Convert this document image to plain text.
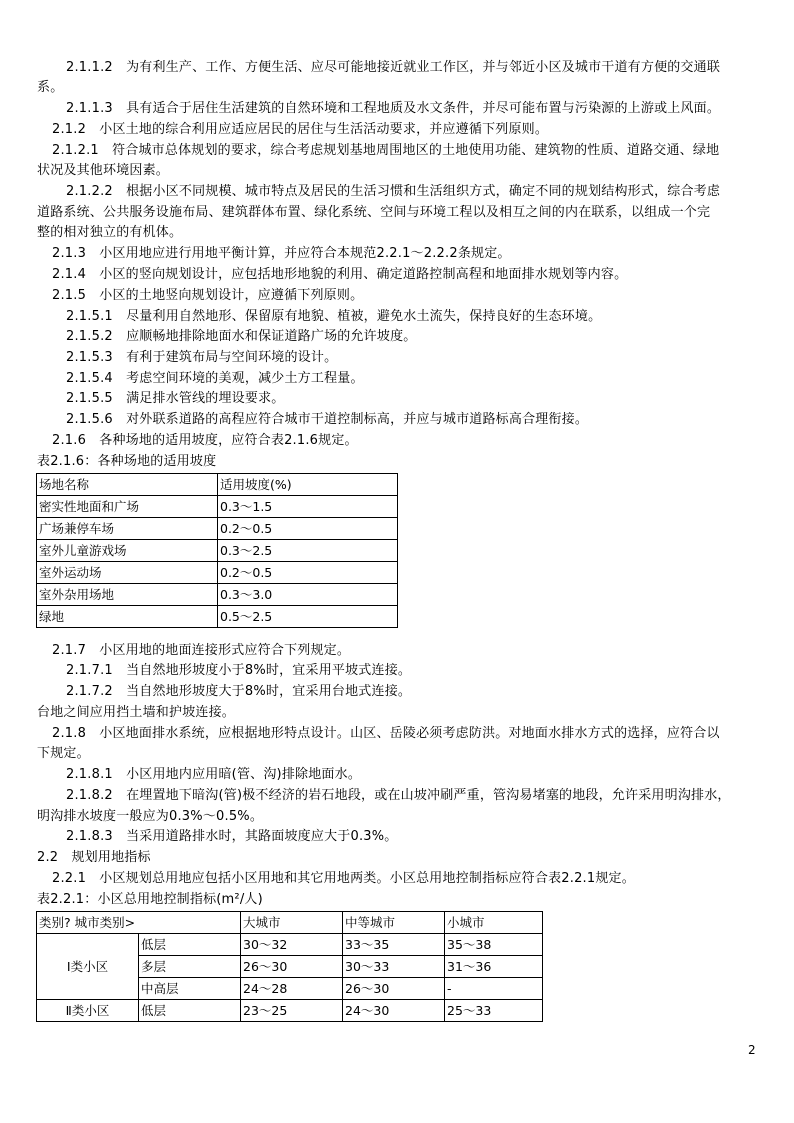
2.1.1.2　为有利生产、工作、方便生活、应尽可能地接近就业工作区，并与邻近小区及城市干道有方便的交通联
系。
2.1.1.3　具有适合于居住生活建筑的自然环境和工程地质及水文条件，并尽可能布置与污染源的上游或上风面。
2.1.2　小区土地的综合利用应适应居民的居住与生活活动要求，并应遵循下列原则。
2.1.2.1　符合城市总体规划的要求，综合考虑规划基地周围地区的土地使用功能、建筑物的性质、道路交通、绿地
状况及其他环境因素。
2.1.2.2　根据小区不同规模、城市特点及居民的生活习惯和生活组织方式，确定不同的规划结构形式，综合考虑
道路系统、公共服务设施布局、建筑群体布置、绿化系统、空间与环境工程以及相互之间的内在联系，以组成一个完
整的相对独立的有机体。
2.1.3　小区用地应进行用地平衡计算，并应符合本规范2.2.1～2.2.2条规定。
2.1.4　小区的竖向规划设计，应包括地形地貌的利用、确定道路控制高程和地面排水规划等内容。
2.1.5　小区的土地竖向规划设计，应遵循下列原则。
2.1.5.1　尽量利用自然地形、保留原有地貌、植被，避免水土流失，保持良好的生态环境。
2.1.5.2　应顺畅地排除地面水和保证道路广场的允许坡度。
2.1.5.3　有利于建筑布局与空间环境的设计。
2.1.5.4　考虑空间环境的美观，减少土方工程量。
2.1.5.5　满足排水管线的埋设要求。
2.1.5.6　对外联系道路的高程应符合城市干道控制标高，并应与城市道路标高合理衔接。
2.1.6　各种场地的适用坡度，应符合表2.1.6规定。
表2.1.6：各种场地的适用坡度
场地名称	适用坡度(%)
密实性地面和广场	0.3～1.5
广场兼停车场	0.2～0.5
室外儿童游戏场	0.3～2.5
室外运动场	0.2～0.5
室外杂用场地	0.3～3.0
绿地	0.5～2.5
2.1.7　小区用地的地面连接形式应符合下列规定。
2.1.7.1　当自然地形坡度小于8%时，宜采用平坡式连接。
2.1.7.2　当自然地形坡度大于8%时，宜采用台地式连接。
台地之间应用挡土墙和护坡连接。
2.1.8　小区地面排水系统，应根据地形特点设计。山区、岳陵必须考虑防洪。对地面水排水方式的选择，应符合以
下规定。
2.1.8.1　小区用地内应用暗(管、沟)排除地面水。
2.1.8.2　在埋置地下暗沟(管)极不经济的岩石地段，或在山坡冲刷严重，管沟易堵塞的地段，允许采用明沟排水，
明沟排水坡度一般应为0.3%～0.5%。
2.1.8.3　当采用道路排水时，其路面坡度应大于0.3%。
2.2　规划用地指标
2.2.1　小区规划总用地应包括小区用地和其它用地两类。小区总用地控制指标应符合表2.2.1规定。
表2.2.1：小区总用地控制指标(m²/人)
类别? 城市类别>		大城市	中等城市	小城市
Ⅰ类小区	低层	30～32	33～35	35～38
	多层	26～30	30～33	31～36
	中高层	24～28	26～30	-
Ⅱ类小区	低层	23～25	24～30	25～33
2
